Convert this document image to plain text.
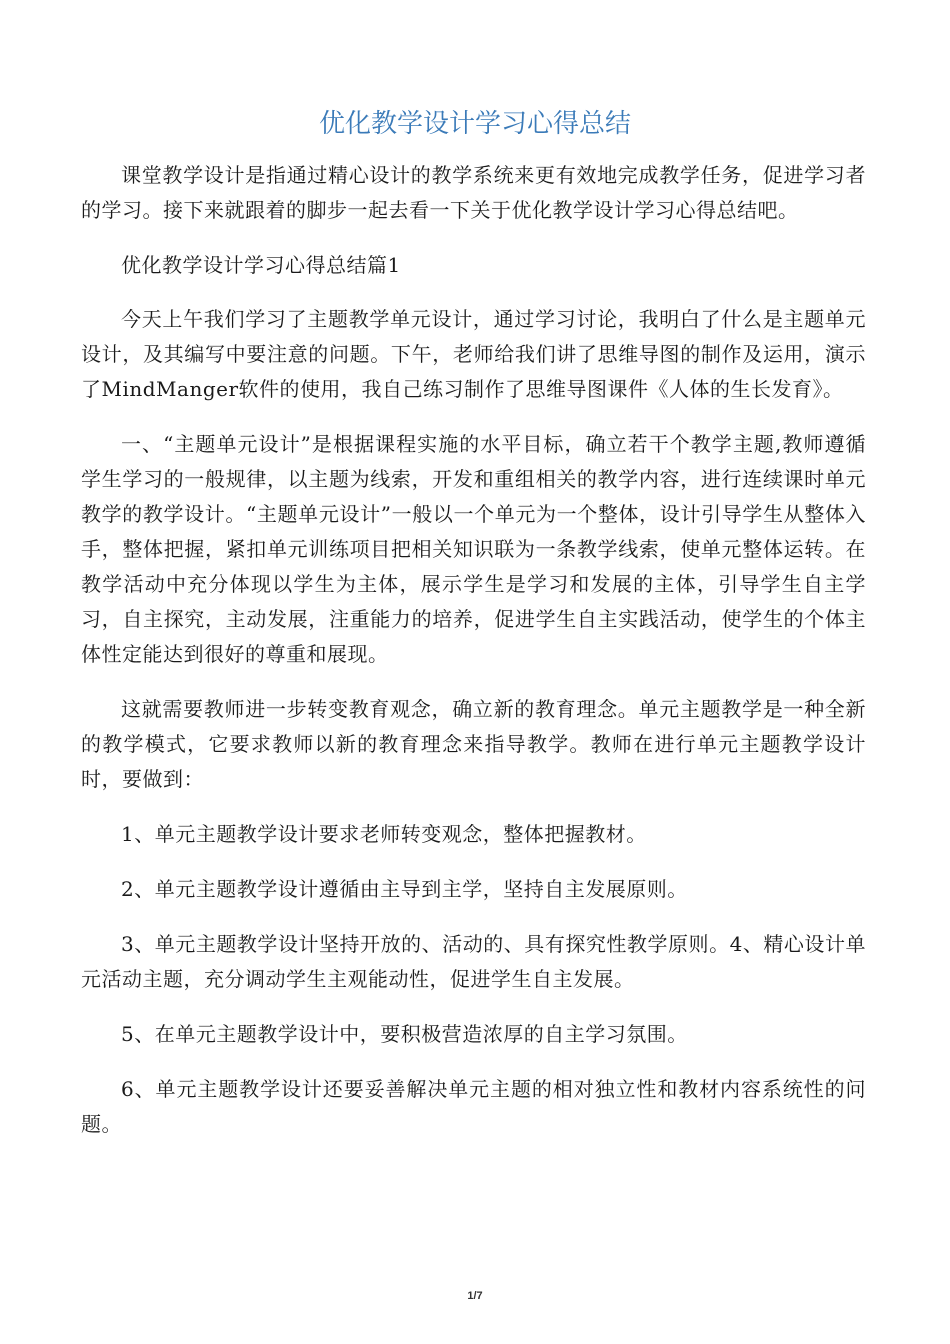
优化教学设计学习心得总结

课堂教学设计是指通过精心设计的教学系统来更有效地完成教学任务，促进学习者的学习。接下来就跟着的脚步一起去看一下关于优化教学设计学习心得总结吧。

优化教学设计学习心得总结篇1

今天上午我们学习了主题教学单元设计，通过学习讨论，我明白了什么是主题单元设计，及其编写中要注意的问题。下午，老师给我们讲了思维导图的制作及运用，演示了MindManger软件的使用，我自己练习制作了思维导图课件《人体的生长发育》。

一、“主题单元设计”是根据课程实施的水平目标，确立若干个教学主题,教师遵循学生学习的一般规律，以主题为线索，开发和重组相关的教学内容，进行连续课时单元教学的教学设计。“主题单元设计”一般以一个单元为一个整体，设计引导学生从整体入手，整体把握，紧扣单元训练项目把相关知识联为一条教学线索，使单元整体运转。在教学活动中充分体现以学生为主体，展示学生是学习和发展的主体，引导学生自主学习，自主探究，主动发展，注重能力的培养，促进学生自主实践活动，使学生的个体主体性定能达到很好的尊重和展现。

这就需要教师进一步转变教育观念，确立新的教育理念。单元主题教学是一种全新的教学模式，它要求教师以新的教育理念来指导教学。教师在进行单元主题教学设计时，要做到：

1、单元主题教学设计要求老师转变观念，整体把握教材。

2、单元主题教学设计遵循由主导到主学，坚持自主发展原则。

3、单元主题教学设计坚持开放的、活动的、具有探究性教学原则。4、精心设计单元活动主题，充分调动学生主观能动性，促进学生自主发展。

5、在单元主题教学设计中，要积极营造浓厚的自主学习氛围。

6、单元主题教学设计还要妥善解决单元主题的相对独立性和教材内容系统性的问题。

1/7
